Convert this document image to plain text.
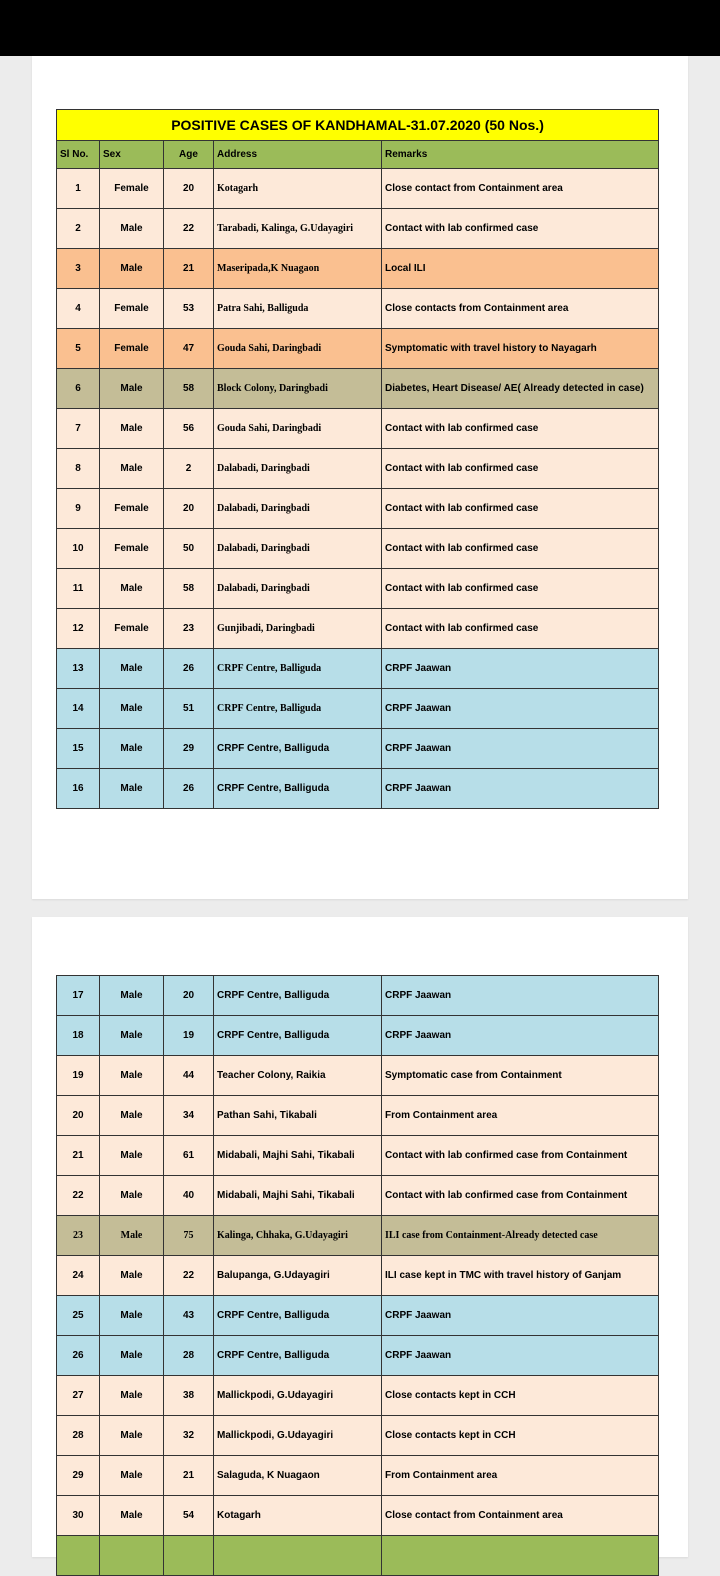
POSITIVE CASES OF KANDHAMAL-31.07.2020 (50 Nos.)				
Sl No.	Sex	Age	Address	Remarks
1	Female	20	Kotagarh	Close contact from Containment area
2	Male	22	Tarabadi, Kalinga, G.Udayagiri	Contact with lab confirmed case
3	Male	21	Maseripada,K Nuagaon	Local ILI
4	Female	53	Patra Sahi, Balliguda	Close contacts from Containment area
5	Female	47	Gouda Sahi, Daringbadi	Symptomatic with travel history to Nayagarh
6	Male	58	Block Colony, Daringbadi	Diabetes, Heart Disease/ AE( Already detected in case)
7	Male	56	Gouda Sahi, Daringbadi	Contact with lab confirmed case
8	Male	2	Dalabadi, Daringbadi	Contact with lab confirmed case
9	Female	20	Dalabadi, Daringbadi	Contact with lab confirmed case
10	Female	50	Dalabadi, Daringbadi	Contact with lab confirmed case
11	Male	58	Dalabadi, Daringbadi	Contact with lab confirmed case
12	Female	23	Gunjibadi, Daringbadi	Contact with lab confirmed case
13	Male	26	CRPF Centre, Balliguda	CRPF Jaawan
14	Male	51	CRPF Centre, Balliguda	CRPF Jaawan
15	Male	29	CRPF Centre, Balliguda	CRPF Jaawan
16	Male	26	CRPF Centre, Balliguda	CRPF Jaawan
17	Male	20	CRPF Centre, Balliguda	CRPF Jaawan
18	Male	19	CRPF Centre, Balliguda	CRPF Jaawan
19	Male	44	Teacher Colony, Raikia	Symptomatic case from Containment
20	Male	34	Pathan Sahi, Tikabali	From Containment area
21	Male	61	Midabali, Majhi Sahi, Tikabali	Contact with lab confirmed case from Containment
22	Male	40	Midabali, Majhi Sahi, Tikabali	Contact with lab confirmed case from Containment
23	Male	75	Kalinga, Chhaka, G.Udayagiri	ILI case from Containment-Already detected case
24	Male	22	Balupanga, G.Udayagiri	ILI case kept in TMC with travel history of Ganjam
25	Male	43	CRPF Centre, Balliguda	CRPF Jaawan
26	Male	28	CRPF Centre, Balliguda	CRPF Jaawan
27	Male	38	Mallickpodi, G.Udayagiri	Close contacts kept in CCH
28	Male	32	Mallickpodi, G.Udayagiri	Close contacts kept in CCH
29	Male	21	Salaguda, K Nuagaon	From Containment area
30	Male	54	Kotagarh	Close contact from Containment area
